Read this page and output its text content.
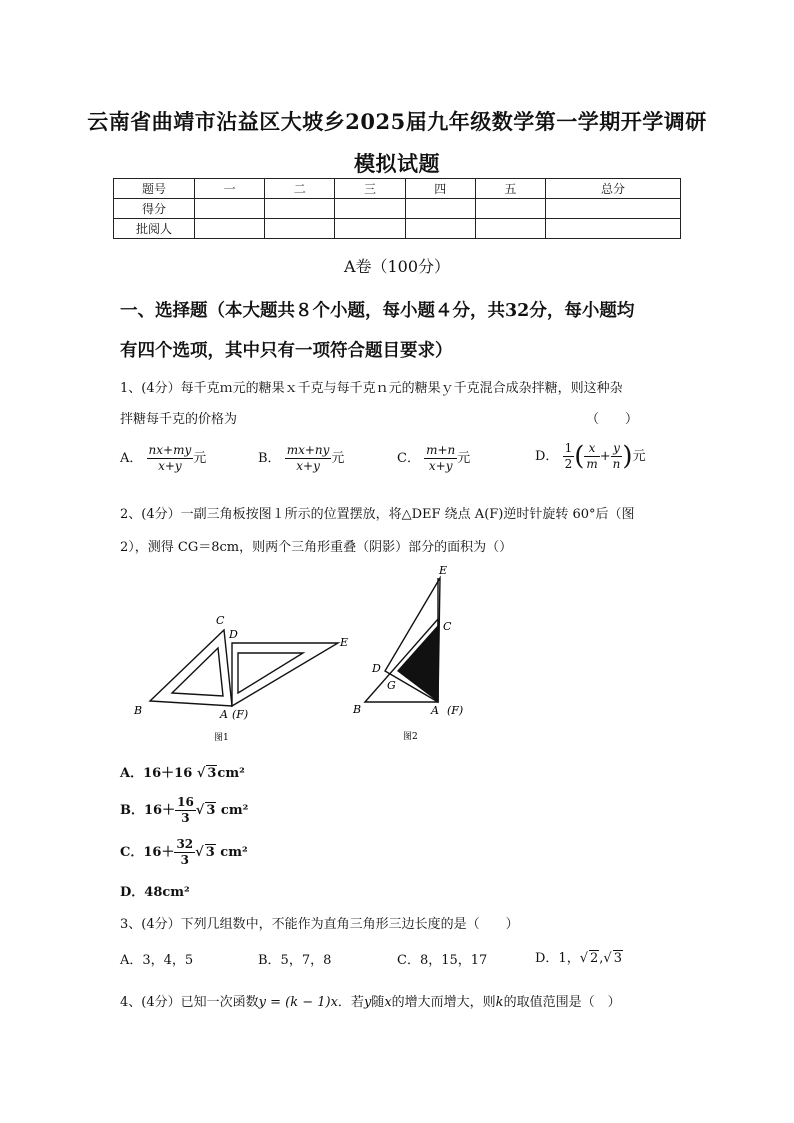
云南省曲靖市沾益区大坡乡2025届九年级数学第一学期开学调研
模拟试题
题号	一	二	三	四	五	总分
得分						
批阅人						
A卷（100分）
一、选择题（本大题共８个小题，每小题４分，共32分，每小题均
有四个选项，其中只有一项符合题目要求）
1、(4分）每千克ｍ元的糖果ｘ千克与每千克ｎ元的糖果ｙ千克混合成杂拌糖，则这种杂
拌糖每千克的价格为	（　　）
A． $\frac{nx+my}{x+y}$ 元	B． $\frac{mx+ny}{x+y}$ 元	C． $\frac{m+n}{x+y}$ 元	D． $\frac{1}{2}$ ( $\frac{x}{m} + \frac{y}{n}$ )元
2、(4分）一副三角板按图１所示的位置摆放，将△DEF 绕点 A(F)逆时针旋转 60°后（图
2），测得 CG＝8cm，则两个三角形重叠（阴影）部分的面积为（）
C
D
E
B	A (F)
图1
E
C
D
G
B	A (F)
图2
A．16＋16 √ 3cm²
B．$16+ \frac{16}{3}$ √ 3 cm²
C．$16+ \frac{32}{3}$ √ 3 cm²
D．48cm²
3、(4分）下列几组数中，不能作为直角三角形三边长度的是（　　）
A．3，4，5	B．5，7，8	C．8，15，17	D．1，√ 2,√ 3
4、(4分）已知一次函数y = (k − 1)x．若y随x的增大而增大，则k的取值范围是（　）
